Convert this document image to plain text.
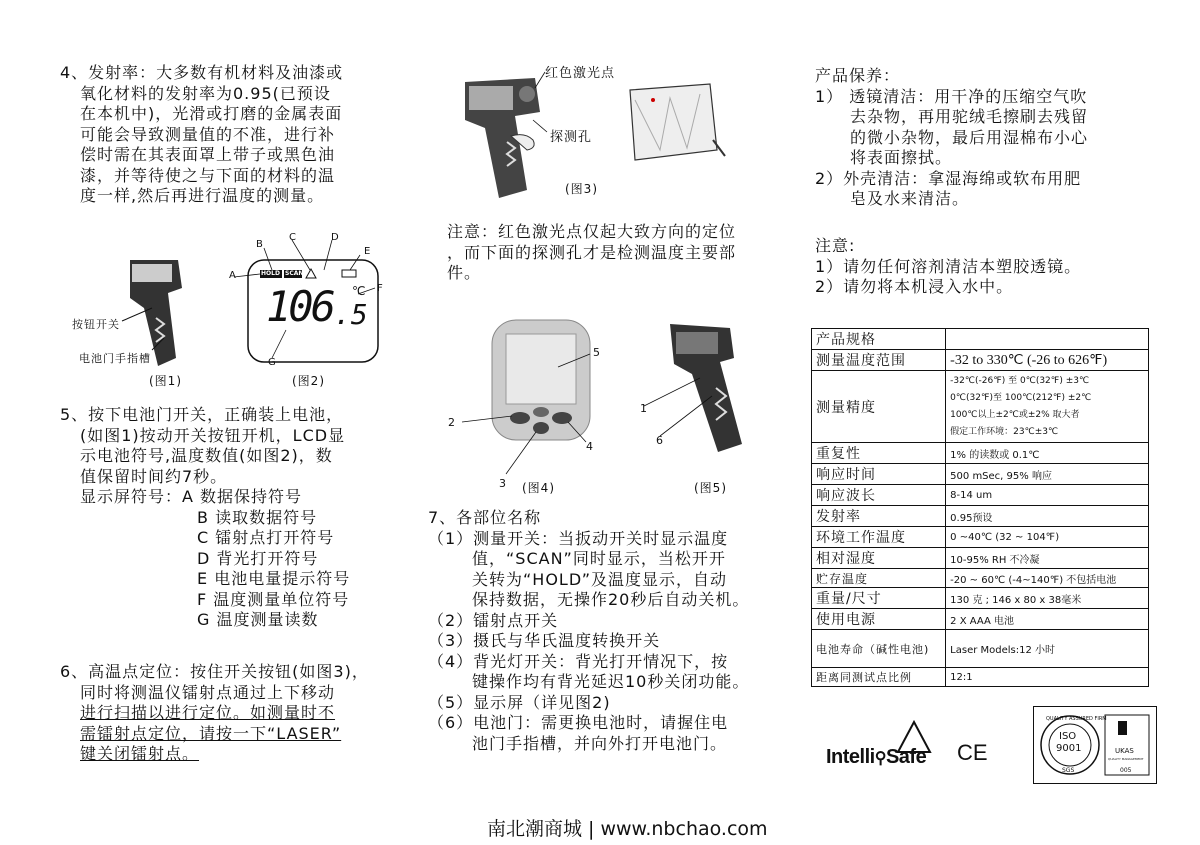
4、发射率：大多数有机材料及油漆或
氧化材料的发射率为0.95(已预设
在本机中)，光滑或打磨的金属表面
可能会导致测量值的不准，进行补
偿时需在其表面罩上带子或黑色油
漆，并等待使之与下面的材料的温
度一样,然后再进行温度的测量。
按钮开关
电池门手指槽
(图1)
A
B
C	D
E
F
G
HOLD SCAN
℃
106 .5
(图2)
5、按下电池门开关，正确装上电池，
(如图1)按动开关按钮开机，LCD显
示电池符号,温度数值(如图2)，数
值保留时间约7秒。
显示屏符号：A 数据保持符号
B 读取数据符号
C 镭射点打开符号
D 背光打开符号
E 电池电量提示符号
F 温度测量单位符号
G 温度测量读数
6、高温点定位：按住开关按钮(如图3)，
同时将测温仪镭射点通过上下移动
进行扫描以进行定位。如测量时不
需镭射点定位，请按一下“LASER”
键关闭镭射点。
红色激光点
探测孔
(图3)
注意：红色激光点仅起大致方向的定位
，而下面的探测孔才是检测温度主要部
件。
5
2
4
3 (图4)
1
6
(图5)
7、各部位名称
（1）测量开关：当扳动开关时显示温度
值，“SCAN”同时显示，当松开开
关转为“HOLD”及温度显示，自动
保持数据，无操作20秒后自动关机。
（2）镭射点开关
（3）摄氏与华氏温度转换开关
（4）背光灯开关：背光打开情况下，按
键操作均有背光延迟10秒关闭功能。
（5）显示屏（详见图2)
（6）电池门：需更换电池时，请握住电
池门手指槽，并向外打开电池门。
产品保养：
1） 透镜清洁：用干净的压缩空气吹
去杂物，再用驼绒毛擦刷去残留
的微小杂物，最后用湿棉布小心
将表面擦拭。
2）外壳清洁：拿湿海绵或软布用肥
皂及水来清洁。
注意:
1）请勿任何溶剂清洁本塑胶透镜。
2）请勿将本机浸入水中。
产品规格	
测量温度范围	-32 to 330℃ (-26 to 626℉)
测量精度	-32℃(-26℉) 至 0℃(32℉) ±3℃
0℃(32℉)至 100℃(212℉) ±2℃
100℃以上±2℃或±2% 取大者
假定工作环境：23℃±3℃

重复性	1% 的读数或 0.1℃
响应时间	500 mSec, 95% 响应
响应波长	8-14 um
发射率	0.95预设
环境工作温度	0 ~40℃ (32 ~ 104℉)
相对湿度	10-95% RH 不冷凝
贮存温度	-20 ~ 60℃ (-4~140℉) 不包括电池
重量/尺寸	130 克 ; 146 x 80 x 38毫米
使用电源	2 X AAA 电池
电池寿命（碱性电池)	Laser Models:12 小时
距离同测试点比例	12:1
Intelli⚲Safe CE
QUALITY ASSURED FIRM
ISO
9001
SGS
UKAS
QUALITY MANAGEMENT
005
南北潮商城 | www.nbchao.com
